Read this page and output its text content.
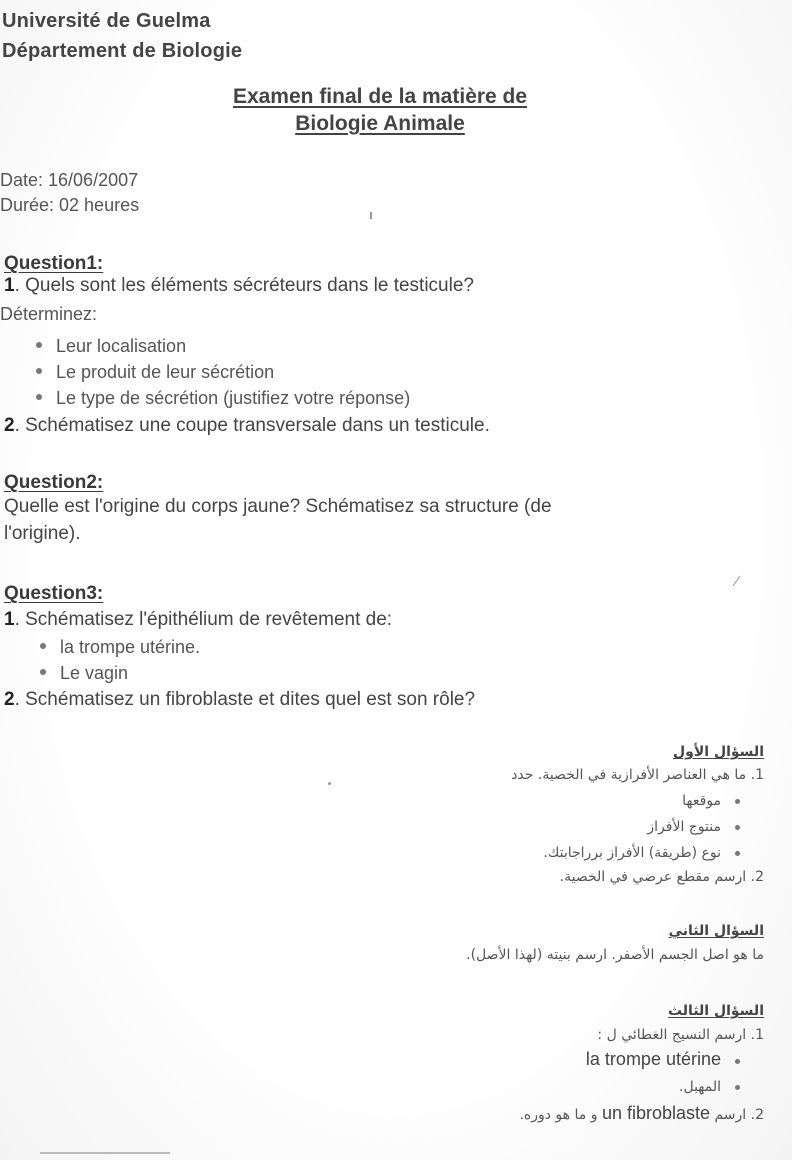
Université de Guelma
Département de Biologie
Examen final de la matière de
Biologie Animale
Date: 16/06/2007
Durée: 02 heures
Question1:
1. Quels sont les éléments sécréteurs dans le testicule?
Déterminez:
Leur localisation
Le produit de leur sécrétion
Le type de sécrétion (justifiez votre réponse)
2. Schématisez une coupe transversale dans un testicule.
Question2:
Quelle est l'origine du corps jaune? Schématisez sa structure (de
l'origine).
Question3:
1. Schématisez l'épithélium de revêtement de:
la trompe utérine.
Le vagin
2. Schématisez un fibroblaste et dites quel est son rôle?
السؤال الأول
1. ما هي العناصر الأفرازية في الخصية. حدد
موقعها
منتوج الأفراز
نوع (طريقة) الأفراز برراجابتك.
2. ارسم مقطع عرضي في الخصية.
السؤال الثاني
ما هو اصل الجسم الأصفر. ارسم بنيته (لهذا الأصل).
السؤال الثالث
1. ارسم النسيج الغطائي ل :
la trompe utérine
المهبل.
2. ارسم un fibroblaste و ما هو دوره.
